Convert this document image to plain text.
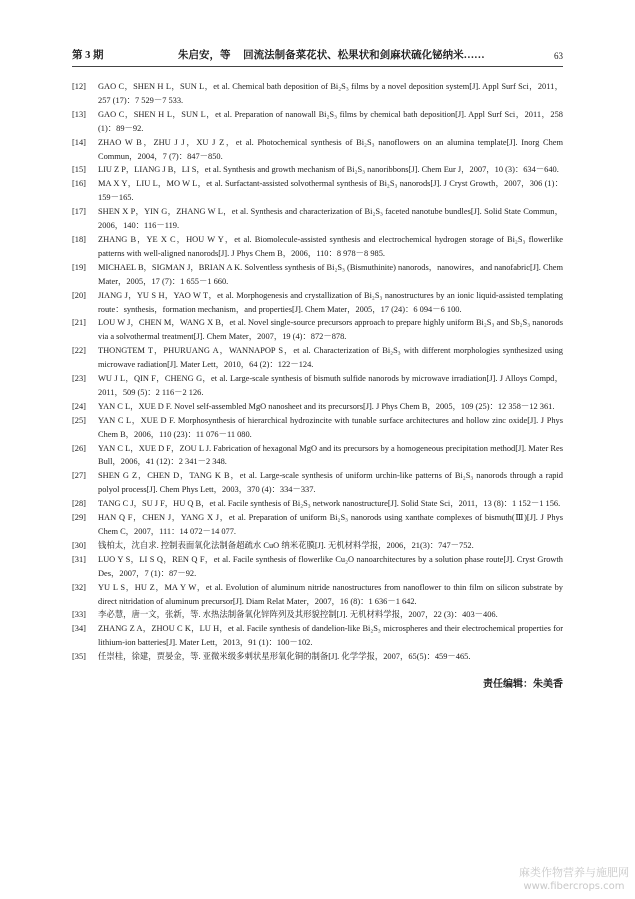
第 3 期	朱启安，等 回流法制备菜花状、松果状和剑麻状硫化铋纳米……	63
[12]	GAO C，SHEN H L，SUN L，et al. Chemical bath deposition of Bi₂S₃ films by a novel deposition system[J]. Appl Surf Sci，2011，257 (17)：7 529－7 533.
[13]	GAO C，SHEN H L，SUN L，et al. Preparation of nanowall Bi₂S₃ films by chemical bath deposition[J]. Appl Surf Sci，2011，258 (1)：89－92.
[14]	ZHAO W B，ZHU J J，XU J Z，et al. Photochemical synthesis of Bi₂S₃ nanoflowers on an alumina template[J]. Inorg Chem Commun，2004，7 (7)：847－850.
[15]	LIU Z P，LIANG J B，LI S，et al. Synthesis and growth mechanism of Bi₂S₃ nanoribbons[J]. Chem Eur J，2007，10 (3)：634－640.
[16]	MA X Y，LIU L，MO W L，et al. Surfactant-assisted solvothermal synthesis of Bi₂S₃ nanorods[J]. J Cryst Growth，2007，306 (1)：159－165.
[17]	SHEN X P，YIN G，ZHANG W L，et al. Synthesis and characterization of Bi₂S₃ faceted nanotube bundles[J]. Solid State Commun，2006，140：116－119.
[18]	ZHANG B，YE X C，HOU W Y，et al. Biomolecule-assisted synthesis and electrochemical hydrogen storage of Bi₂S₃ flowerlike patterns with well-aligned nanorods[J]. J Phys Chem B，2006，110：8 978－8 985.
[19]	MICHAEL B，SIGMAN J，BRIAN A K. Solventless synthesis of Bi₂S₃ (Bismuthinite) nanorods，nanowires，and nanofabric[J]. Chem Mater，2005，17 (7)：1 655－1 660.
[20]	JIANG J，YU S H，YAO W T，et al. Morphogenesis and crystallization of Bi₂S₃ nanostructures by an ionic liquid-assisted templating route：synthesis，formation mechanism，and properties[J]. Chem Mater，2005，17 (24)：6 094－6 100.
[21]	LOU W J，CHEN M，WANG X B，et al. Novel single-source precursors approach to prepare highly uniform Bi₂S₃ and Sb₂S₃ nanorods via a solvothermal treatment[J]. Chem Mater，2007，19 (4)：872－878.
[22]	THONGTEM T，PHURUANG A，WANNAPOP S，et al. Characterization of Bi₂S₃ with different morphologies synthesized using microwave radiation[J]. Mater Lett，2010，64 (2)：122－124.
[23]	WU J L，QIN F，CHENG G，et al. Large-scale synthesis of bismuth sulfide nanorods by microwave irradiation[J]. J Alloys Compd，2011，509 (5)：2 116－2 126.
[24]	YAN C L，XUE D F. Novel self-assembled MgO nanosheet and its precursors[J]. J Phys Chem B，2005，109 (25)：12 358－12 361.
[25]	YAN C L，XUE D F. Morphosynthesis of hierarchical hydrozincite with tunable surface architectures and hollow zinc oxide[J]. J Phys Chem B，2006，110 (23)：11 076－11 080.
[26]	YAN C L，XUE D F，ZOU L J. Fabrication of hexagonal MgO and its precursors by a homogeneous precipitation method[J]. Mater Res Bull，2006，41 (12)：2 341－2 348.
[27]	SHEN G Z，CHEN D，TANG K B，et al. Large-scale synthesis of uniform urchin-like patterns of Bi₂S₃ nanorods through a rapid polyol process[J]. Chem Phys Lett，2003，370 (4)：334－337.
[28]	TANG C J，SU J F，HU Q B，et al. Facile synthesis of Bi₂S₃ network nanostructure[J]. Solid State Sci，2011，13 (8)：1 152－1 156.
[29]	HAN Q F，CHEN J，YANG X J，et al. Preparation of uniform Bi₂S₃ nanorods using xanthate complexes of bismuth(Ⅲ)[J]. J Phys Chem C，2007，111：14 072－14 077.
[30]	钱柏太，沈自求. 控制表面氧化法制备超疏水 CuO 纳米花膜[J]. 无机材料学报，2006，21(3)：747－752.
[31]	LUO Y S，LI S Q，REN Q F，et al. Facile synthesis of flowerlike Cu₂O nanoarchitectures by a solution phase route[J]. Cryst Growth Des，2007，7 (1)：87－92.
[32]	YU L S，HU Z，MA Y W，et al. Evolution of aluminum nitride nanostructures from nanoflower to thin film on silicon substrate by direct nitridation of aluminum precursor[J]. Diam Relat Mater，2007，16 (8)：1 636－1 642.
[33]	李必慧，唐一文，张新，等. 水热法制备氧化锌阵列及其形貌控制[J]. 无机材料学报，2007，22 (3)：403－406.
[34]	ZHANG Z A，ZHOU C K，LU H，et al. Facile synthesis of dandelion-like Bi₂S₃ microspheres and their electrochemical properties for lithium-ion batteries[J]. Mater Lett，2013，91 (1)：100－102.
[35]	任崇桂，徐建，贾晏金，等. 亚微米级多刺状星形氧化铜的制备[J]. 化学学报，2007，65(5)：459－465.
责任编辑：朱美香
麻类作物营养与施肥网
www.fibercrops.com
